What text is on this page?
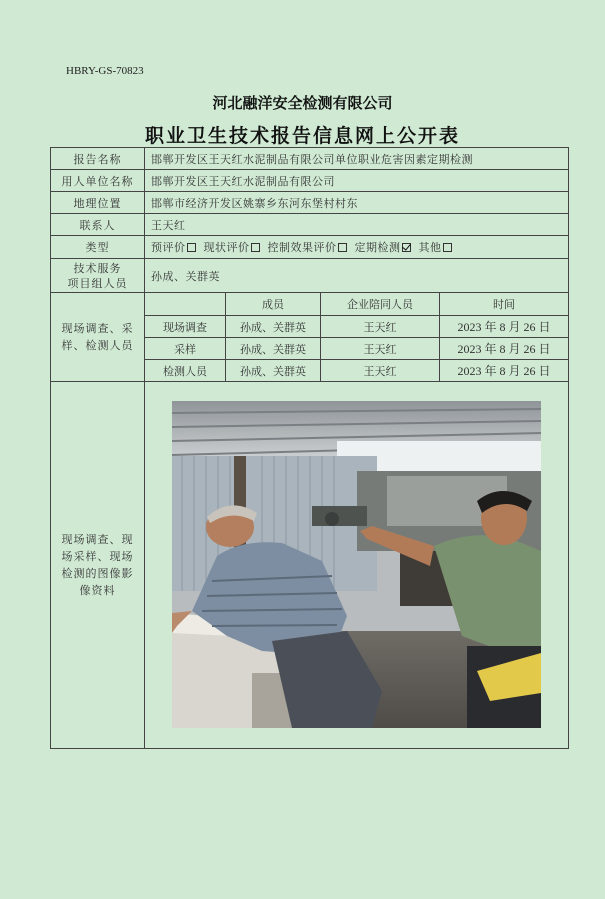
HBRY-GS-70823
河北融洋安全检测有限公司
职业卫生技术报告信息网上公开表
报告名称	邯郸开发区王天红水泥制品有限公司单位职业危害因素定期检测			
用人单位名称	邯郸开发区王天红水泥制品有限公司			
地理位置	邯郸市经济开发区姚寨乡东河东堡村村东			
联系人	王天红			
类型	预评价 现状评价 控制效果评价 定期检测 其他			
技术服务
项目组人员	孙成、关群英			
现场调查、采
样、检测人员		成员	企业陪同人员	时间
	现场调查	孙成、关群英	王天红	2023 年 8 月 26 日
	采样	孙成、关群英	王天红	2023 年 8 月 26 日
	检测人员	孙成、关群英	王天红	2023 年 8 月 26 日
现场调查、现
场采样、现场
检测的图像影
像资料	
